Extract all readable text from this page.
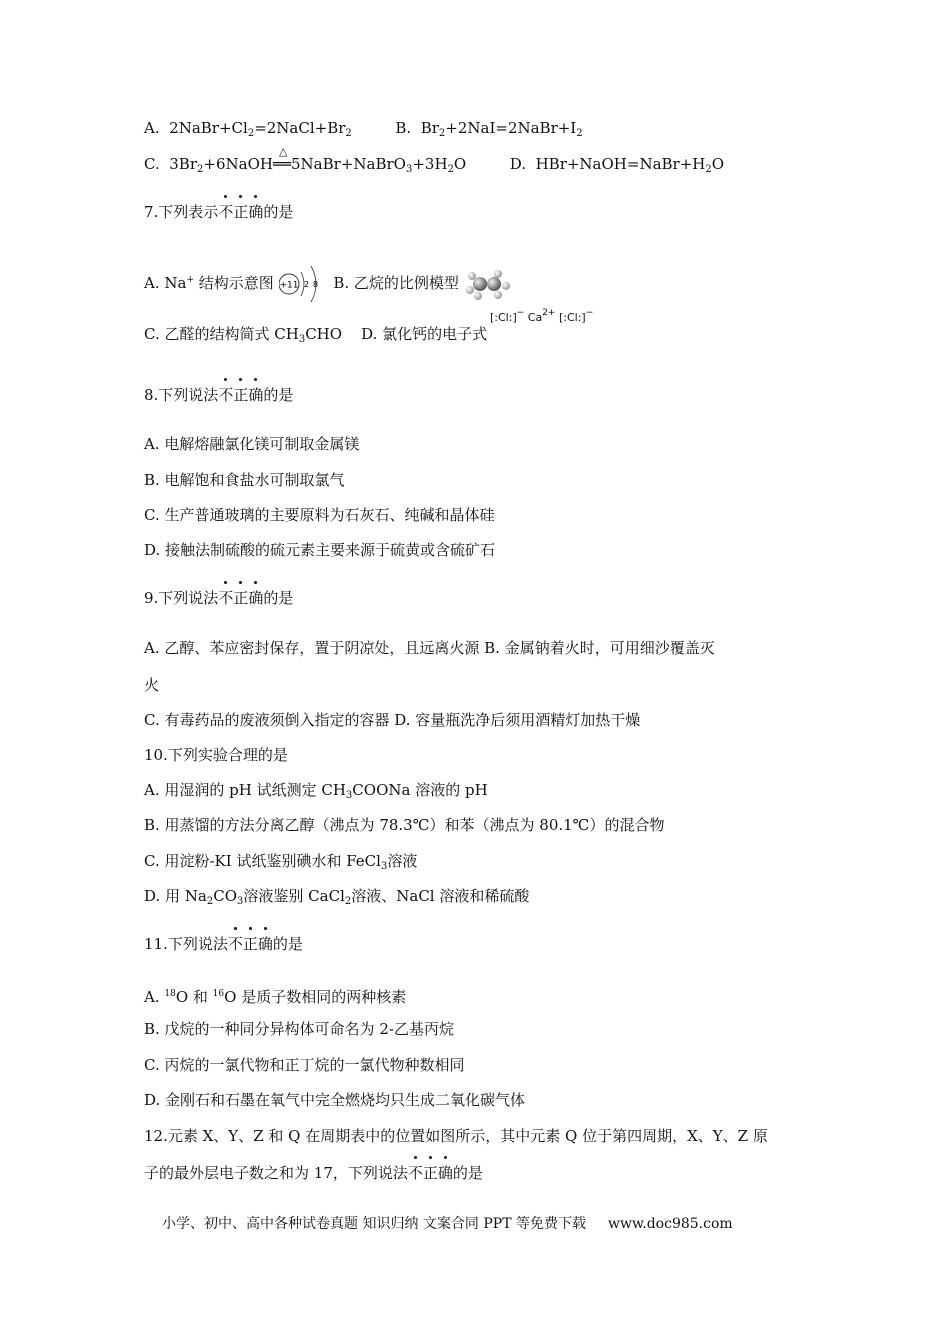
A. $2NaBr+Cl_2=2NaCl+Br_2$	B. $Br_2+2NaI=2NaBr+I_2$
C. $3Br_2+6NaOH$
△
$══5NaBr+NaBrO_3+3H_2O$	D. $HBr+NaOH=NaBr+H_2O$
7.下列表示不正确的是
A. Na+ 结构示意图 +11 2 8 B. 乙烷的比例模型
C. 乙醛的结构简式 $CH_3CHO$ D. 氯化钙的电子式
[:Cl:]− $Ca^{2+}$ [:Cl:]−
8.下列说法不正确的是
A. 电解熔融氯化镁可制取金属镁
B. 电解饱和食盐水可制取氯气
C. 生产普通玻璃的主要原料为石灰石、纯碱和晶体硅
D. 接触法制硫酸的硫元素主要来源于硫黄或含硫矿石
9.下列说法不正确的是
A. 乙醇、苯应密封保存，置于阴凉处，且远离火源 B. 金属钠着火时，可用细沙覆盖灭
火
C. 有毒药品的废液须倒入指定的容器 D. 容量瓶洗净后须用酒精灯加热干燥
10.下列实验合理的是
A. 用湿润的 pH 试纸测定 $CH_3COONa$ 溶液的 pH
B. 用蒸馏的方法分离乙醇（沸点为 78.3℃）和苯（沸点为 80.1℃）的混合物
C. 用淀粉-KI 试纸鉴别碘水和 FeCl$_3$溶液
D. 用 $Na_2CO_3$溶液鉴别 CaCl$_2$溶液、NaCl 溶液和稀硫酸
11.下列说法不正确的是
A. $^{18}$O 和 $^{16}$O 是质子数相同的两种核素
B. 戊烷的一种同分异构体可命名为 2-乙基丙烷
C. 丙烷的一氯代物和正丁烷的一氯代物种数相同
D. 金刚石和石墨在氧气中完全燃烧均只生成二氧化碳气体
12.元素 X、Y、Z 和 Q 在周期表中的位置如图所示，其中元素 Q 位于第四周期，X、Y、Z 原
子的最外层电子数之和为 17，下列说法不正确的是
小学、初中、高中各种试卷真题 知识归纳 文案合同 PPT 等免费下载 www.doc985.com
